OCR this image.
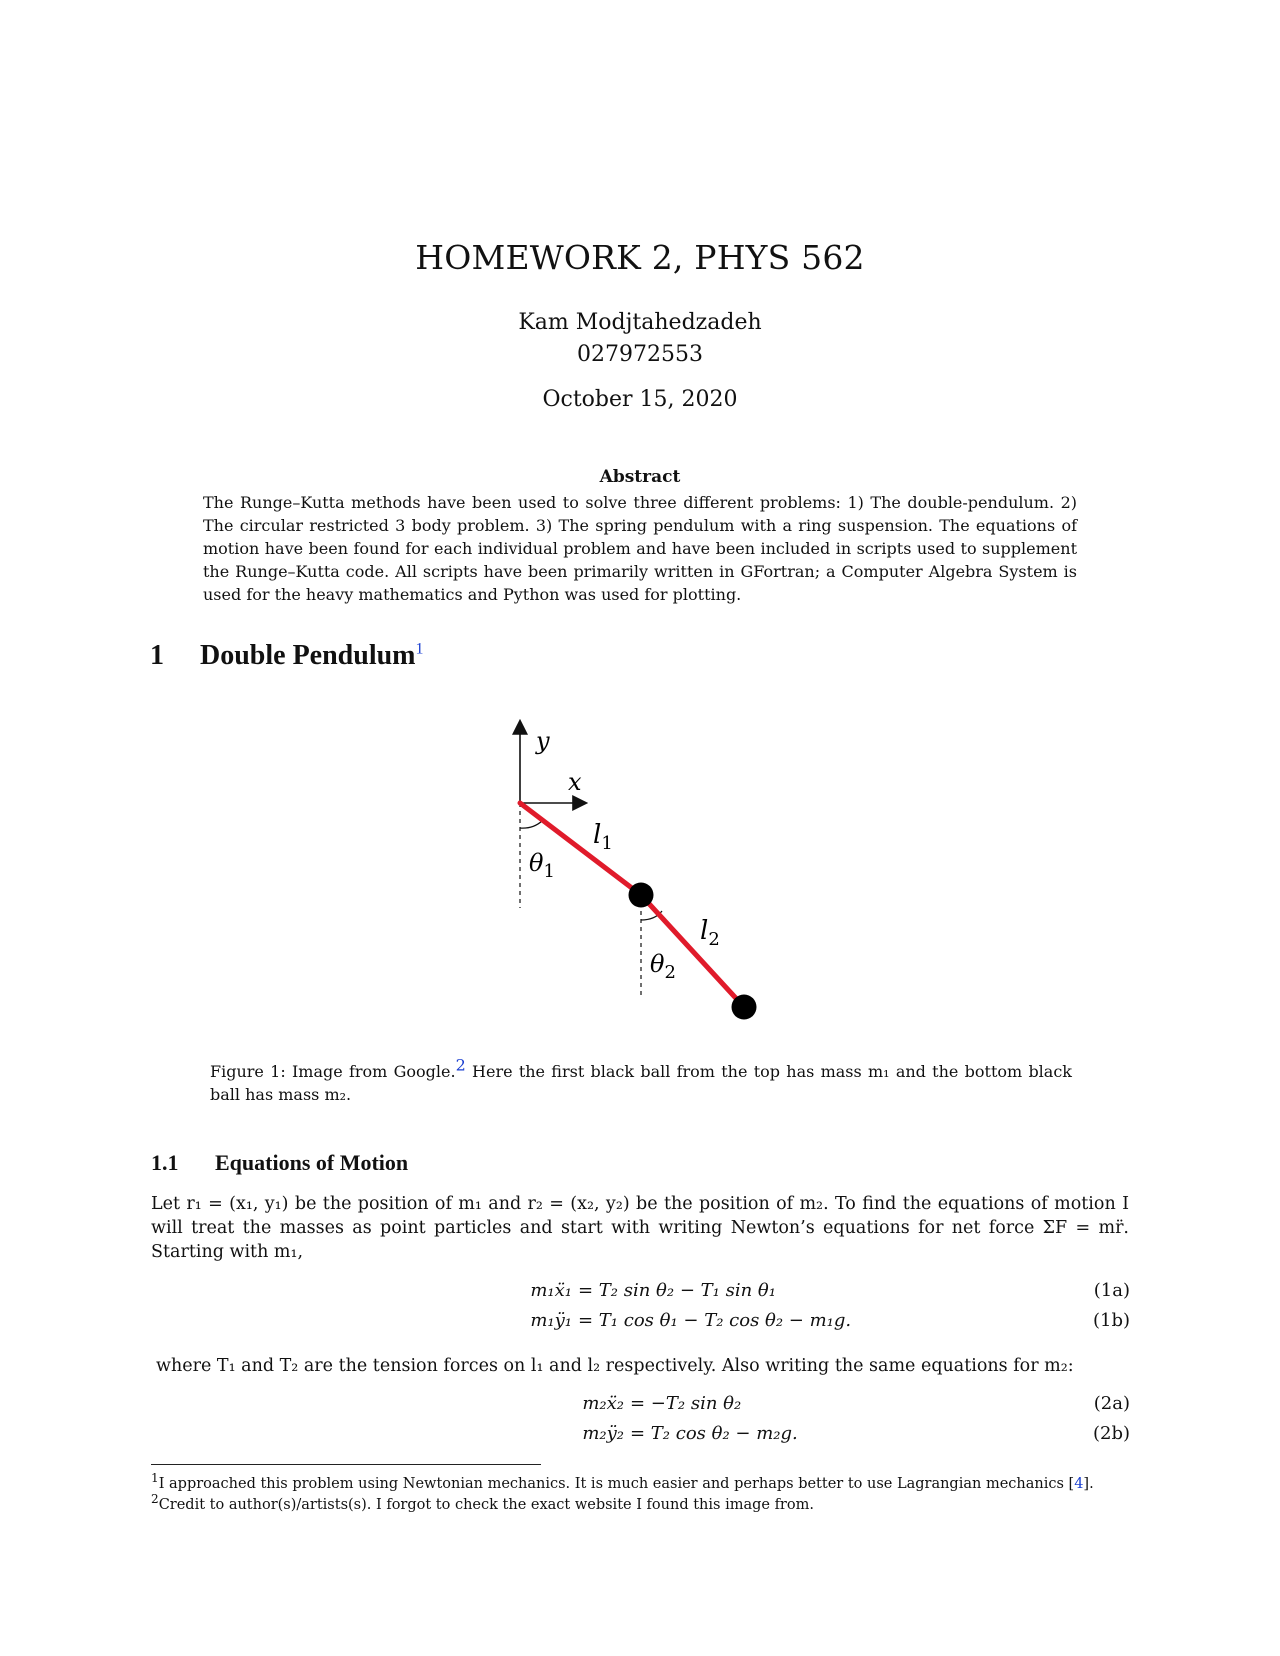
HOMEWORK 2, PHYS 562
Kam Modjtahedzadeh
027972553
October 15, 2020
Abstract
The Runge–Kutta methods have been used to solve three different problems: 1) The double-pendulum. 2) The circular restricted 3 body problem. 3) The spring pendulum with a ring suspension. The equations of motion have been found for each individual problem and have been included in scripts used to supplement the Runge–Kutta code. All scripts have been primarily written in GFortran; a Computer Algebra System is used for the heavy mathematics and Python was used for plotting.
1 Double Pendulum$^1$
y
x
$l_1$
$\theta_1$
$l_2$
$\theta_2$
Figure 1: Image from Google.$^2$ Here the first black ball from the top has mass m₁ and the bottom black ball has mass m₂.
1.1 Equations of Motion
Let r₁ = (x₁, y₁) be the position of m₁ and r₂ = (x₂, y₂) be the position of m₂. To find the equations of motion I will treat the masses as point particles and start with writing Newton’s equations for net force ΣF = mr̈. Starting with m₁,
m₁ẍ₁ = T₂ sin θ₂ − T₁ sin θ₁	(1a)
m₁ÿ₁ = T₁ cos θ₁ − T₂ cos θ₂ − m₁g.	(1b)
where T₁ and T₂ are the tension forces on l₁ and l₂ respectively. Also writing the same equations for m₂:
m₂ẍ₂ = −T₂ sin θ₂	(2a)
m₂ÿ₂ = T₂ cos θ₂ − m₂g.	(2b)
$^1$I approached this problem using Newtonian mechanics. It is much easier and perhaps better to use Lagrangian mechanics [4].
$^2$Credit to author(s)/artists(s). I forgot to check the exact website I found this image from.
